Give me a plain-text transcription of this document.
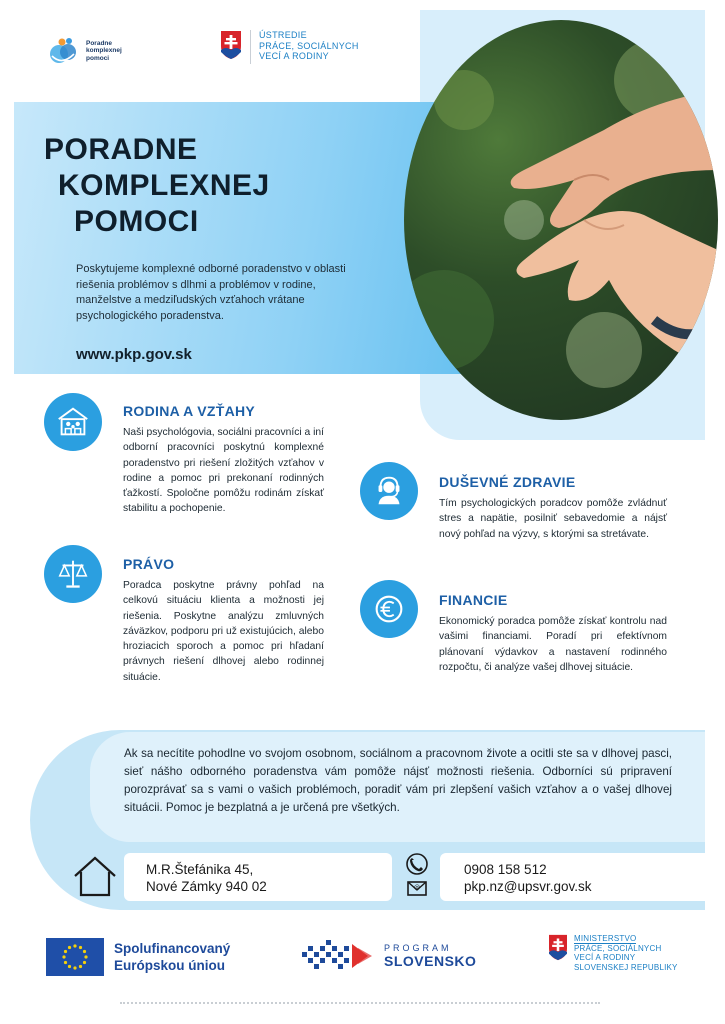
Poradne
komplexnej
pomoci
ÚSTREDIE
PRÁCE, SOCIÁLNYCH
VECÍ A RODINY
PORADNE
KOMPLEXNEJ
POMOCI
Poskytujeme komplexné odborné poradenstvo v oblasti riešenia problémov s dlhmi a problémov v rodine, manželstve a medziľudských vzťahoch vrátane psychologického poradenstva.
www.pkp.gov.sk
RODINA A VZŤAHY
Naši psychológovia, sociálni pracovníci a iní odborní pracovníci poskytnú komplexné poradenstvo pri riešení zložitých vzťahov v rodine a pomoc pri prekonaní rodinných ťažkostí. Spoločne pomôžu rodinám získať stabilitu a pochopenie.
PRÁVO
Poradca poskytne právny pohľad na celkovú situáciu klienta a možnosti jej riešenia. Poskytne analýzu zmluvných záväzkov, podporu pri už existujúcich, alebo hroziacich sporoch a pomoc pri hľadaní právnych riešení dlhovej alebo rodinnej situácie.
DUŠEVNÉ ZDRAVIE
Tím psychologických poradcov pomôže zvládnuť stres a napätie, posilniť sebavedomie a nájsť nový pohľad na výzvy, s ktorými sa stretávate.
FINANCIE
Ekonomický poradca pomôže získať kontrolu nad vašimi financiami. Poradí pri efektívnom plánovaní výdavkov a nastavení rodinného rozpočtu, či analýze vašej dlhovej situácie.
Ak sa necítite pohodlne vo svojom osobnom, sociálnom a pracovnom živote a ocitli ste sa v dlhovej pasci, sieť nášho odborného poradenstva vám pomôže nájsť možnosti riešenia. Odborníci sú pripravení porozprávať sa s vami o vašich problémoch, poradiť vám pri zlepšení vašich vzťahov a o vašej dlhovej situácii. Pomoc je bezplatná a je určená pre všetkých.
M.R.Štefánika 45,
Nové Zámky 940 02	@
0908 158 512
pkp.nz@upsvr.gov.sk
Spolufinancovaný
Európskou úniou
PROGRAM
SLOVENSKO
MINISTERSTVO
PRÁCE, SOCIÁLNYCH
VECÍ A RODINY
SLOVENSKEJ REPUBLIKY
